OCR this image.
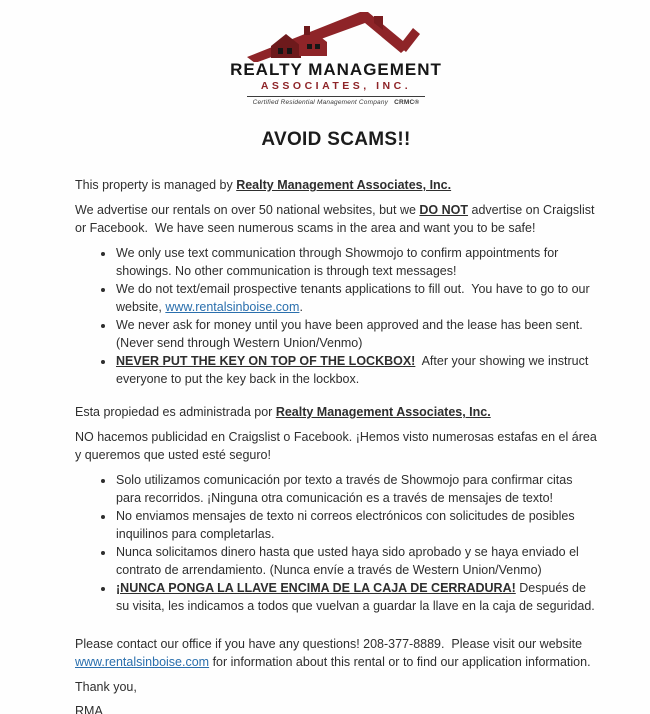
REALTY MANAGEMENT
ASSOCIATES, INC.
Certified Residential Management Company CRMC®
AVOID SCAMS!!

This property is managed by Realty Management Associates, Inc.

We advertise our rentals on over 50 national websites, but we DO NOT advertise on Craigslist or Facebook.  We have seen numerous scams in the area and want you to be safe!

• We only use text communication through Showmojo to confirm appointments for showings. No other communication is through text messages!
• We do not text/email prospective tenants applications to fill out.  You have to go to our website, www.rentalsinboise.com.
• We never ask for money until you have been approved and the lease has been sent. (Never send through Western Union/Venmo)
• NEVER PUT THE KEY ON TOP OF THE LOCKBOX!  After your showing we instruct everyone to put the key back in the lockbox.

Esta propiedad es administrada por Realty Management Associates, Inc.

NO hacemos publicidad en Craigslist o Facebook. ¡Hemos visto numerosas estafas en el área y queremos que usted esté seguro!

• Solo utilizamos comunicación por texto a través de Showmojo para confirmar citas para recorridos. ¡Ninguna otra comunicación es a través de mensajes de texto!
• No enviamos mensajes de texto ni correos electrónicos con solicitudes de posibles inquilinos para completarlas.
• Nunca solicitamos dinero hasta que usted haya sido aprobado y se haya enviado el contrato de arrendamiento. (Nunca envíe a través de Western Union/Venmo)
• ¡NUNCA PONGA LA LLAVE ENCIMA DE LA CAJA DE CERRADURA! Después de su visita, les indicamos a todos que vuelvan a guardar la llave en la caja de seguridad.

Please contact our office if you have any questions! 208-377-8889.  Please visit our website www.rentalsinboise.com for information about this rental or to find our application information.

Thank you,

RMA
